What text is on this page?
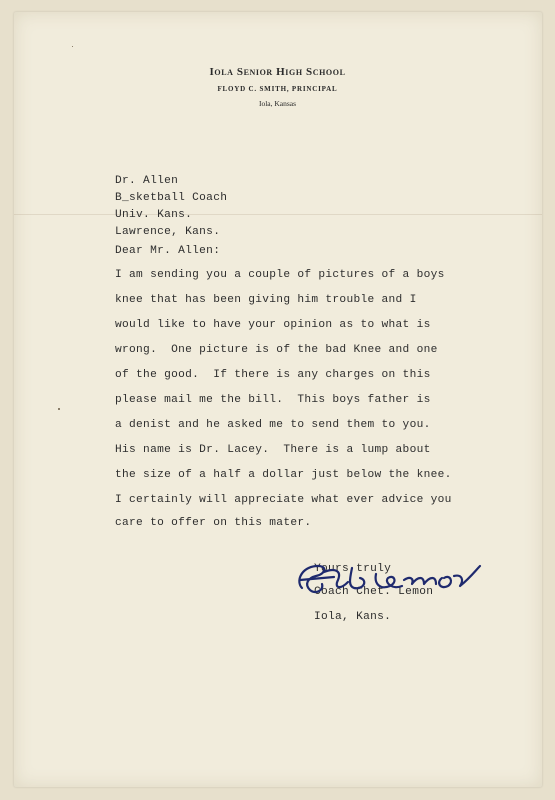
Iola Senior High School
FLOYD C. SMITH, PRINCIPAL
Iola, Kansas
Dr. Allen
B_sketball Coach
Univ. Kans.
Lawrence, Kans.
Dear Mr. Allen:
I am sending you a couple of pictures of a boys
knee that has been giving him trouble and I
would like to have your opinion as to what is
wrong.  One picture is of the bad Knee and one
of the good.  If there is any charges on this
please mail me the bill.  This boys father is
a denist and he asked me to send them to you.
His name is Dr. Lacey.  There is a lump about
the size of a half a dollar just below the knee.
I certainly will appreciate what ever advice you
care to offer on this mater.
Yours truly
Coach Chet. Lemon
Iola, Kans.
